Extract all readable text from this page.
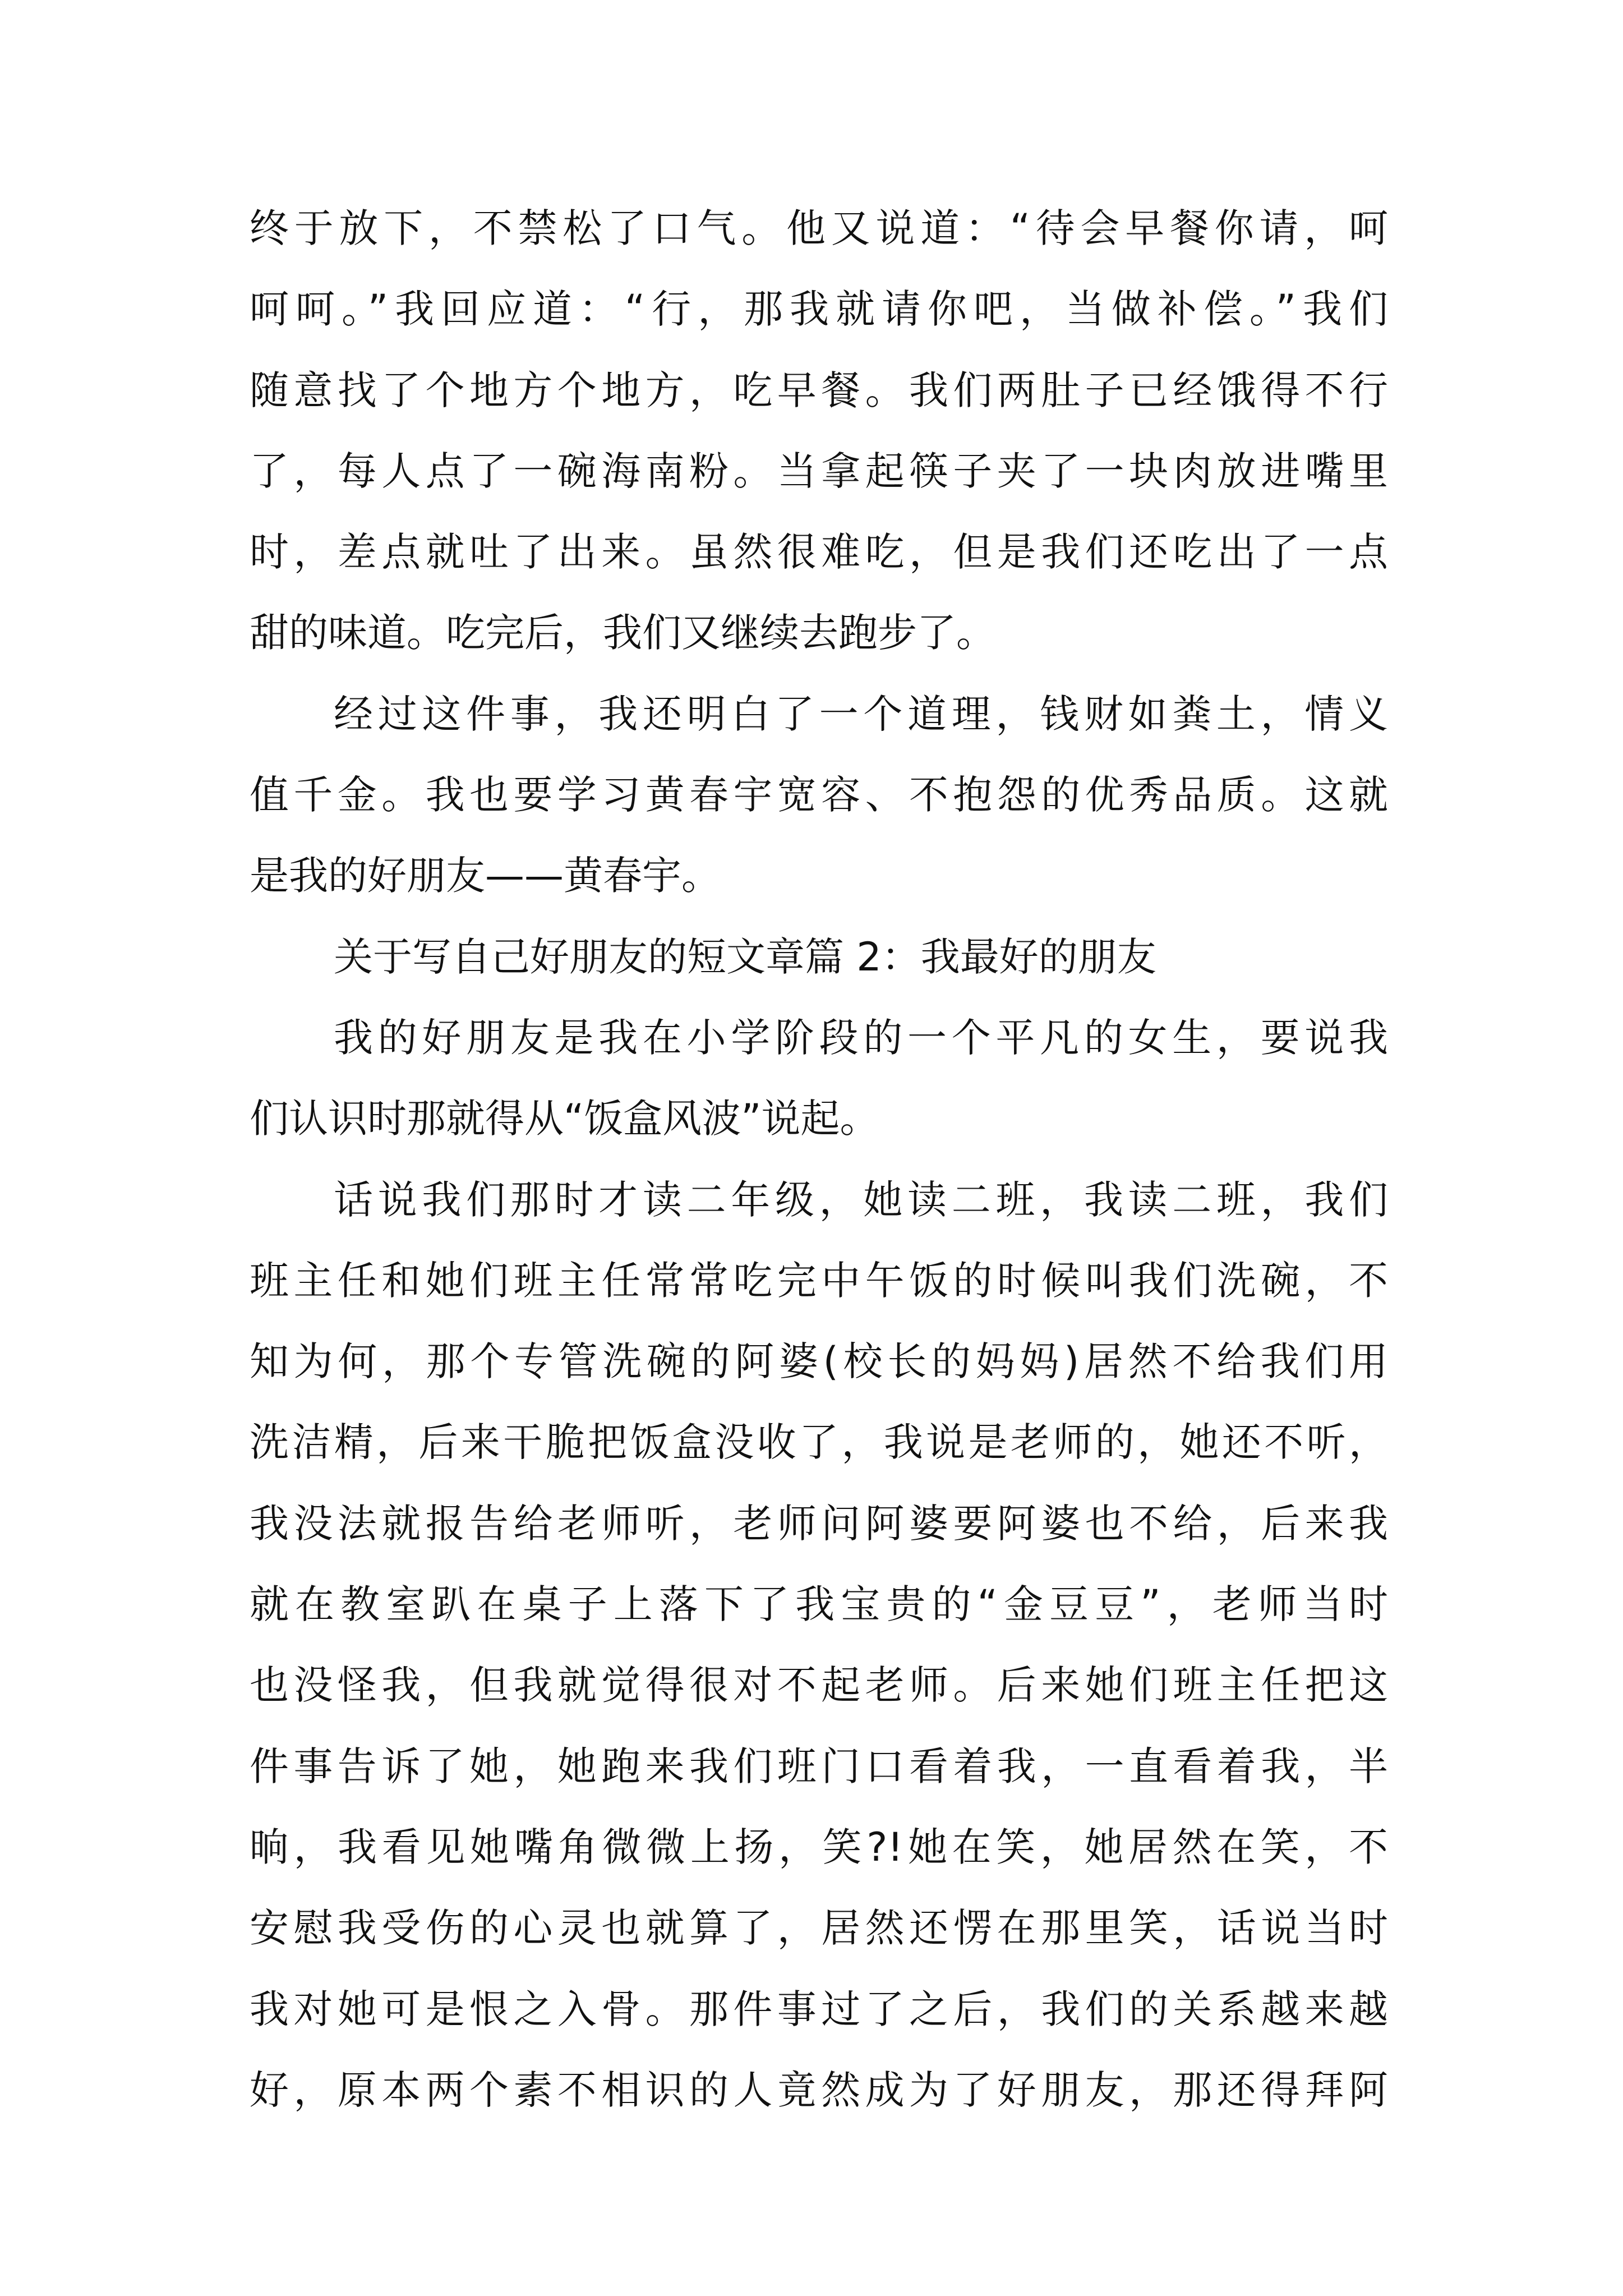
终于放下，不禁松了口气。他又说道：“待会早餐你请，呵
呵呵。”我回应道：“行，那我就请你吧，当做补偿。”我们
随意找了个地方个地方，吃早餐。我们两肚子已经饿得不行
了，每人点了一碗海南粉。当拿起筷子夹了一块肉放进嘴里
时，差点就吐了出来。虽然很难吃，但是我们还吃出了一点
甜的味道。吃完后，我们又继续去跑步了。
经过这件事，我还明白了一个道理，钱财如粪土，情义
值千金。我也要学习黄春宇宽容、不抱怨的优秀品质。这就
是我的好朋友——黄春宇。
关于写自己好朋友的短文章篇 2：我最好的朋友
我的好朋友是我在小学阶段的一个平凡的女生，要说我
们认识时那就得从“饭盒风波”说起。
话说我们那时才读二年级，她读二班，我读二班，我们
班主任和她们班主任常常吃完中午饭的时候叫我们洗碗，不
知为何，那个专管洗碗的阿婆(校长的妈妈)居然不给我们用
洗洁精，后来干脆把饭盒没收了，我说是老师的，她还不听，
我没法就报告给老师听，老师问阿婆要阿婆也不给，后来我
就在教室趴在桌子上落下了我宝贵的“金豆豆”，老师当时
也没怪我，但我就觉得很对不起老师。后来她们班主任把这
件事告诉了她，她跑来我们班门口看着我，一直看着我，半
晌，我看见她嘴角微微上扬，笑?!她在笑，她居然在笑，不
安慰我受伤的心灵也就算了，居然还愣在那里笑，话说当时
我对她可是恨之入骨。那件事过了之后，我们的关系越来越
好，原本两个素不相识的人竟然成为了好朋友，那还得拜阿
